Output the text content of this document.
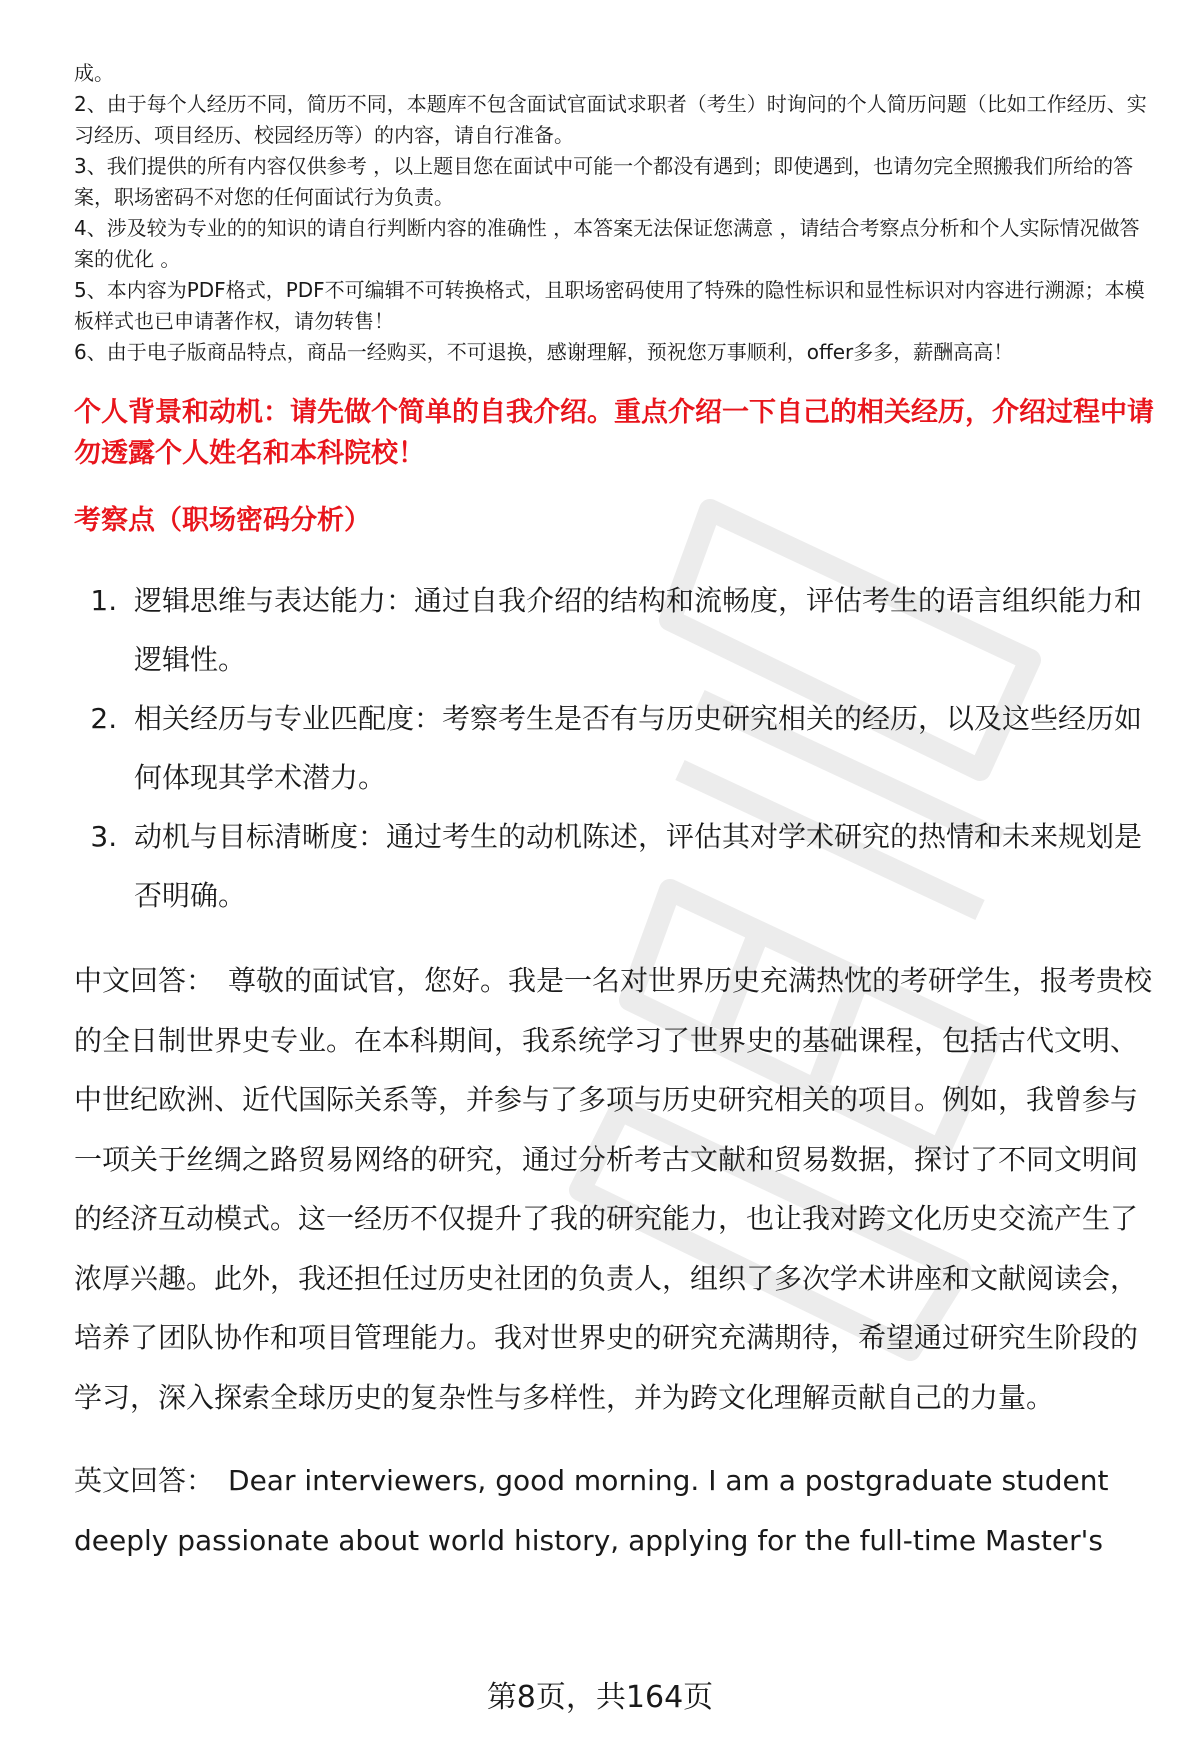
成。

2、由于每个人经历不同，简历不同，本题库不包含面试官面试求职者（考生）时询问的个人简历问题（比如工作经历、实习经历、项目经历、校园经历等）的内容，请自行准备。

3、我们提供的所有内容仅供参考 ，以上题目您在面试中可能一个都没有遇到；即使遇到，也请勿完全照搬我们所给的答案，职场密码不对您的任何面试行为负责。

4、涉及较为专业的的知识的请自行判断内容的准确性 ，本答案无法保证您满意 ，请结合考察点分析和个人实际情况做答案的优化 。

5、本内容为PDF格式，PDF不可编辑不可转换格式，且职场密码使用了特殊的隐性标识和显性标识对内容进行溯源；本模板样式也已申请著作权，请勿转售！

6、由于电子版商品特点，商品一经购买，不可退换，感谢理解，预祝您万事顺利，offer多多，薪酬高高！

个人背景和动机：请先做个简单的自我介绍。重点介绍一下自己的相关经历，介绍过程中请勿透露个人姓名和本科院校！
考察点（职场密码分析）
1. 逻辑思维与表达能力：通过自我介绍的结构和流畅度，评估考生的语言组织能力和逻辑性。
2. 相关经历与专业匹配度：考察考生是否有与历史研究相关的经历，以及这些经历如何体现其学术潜力。
3. 动机与目标清晰度：通过考生的动机陈述，评估其对学术研究的热情和未来规划是否明确。

中文回答： 尊敬的面试官，您好。我是一名对世界历史充满热忱的考研学生，报考贵校的全日制世界史专业。在本科期间，我系统学习了世界史的基础课程，包括古代文明、中世纪欧洲、近代国际关系等，并参与了多项与历史研究相关的项目。例如，我曾参与一项关于丝绸之路贸易网络的研究，通过分析考古文献和贸易数据，探讨了不同文明间的经济互动模式。这一经历不仅提升了我的研究能力，也让我对跨文化历史交流产生了浓厚兴趣。此外，我还担任过历史社团的负责人，组织了多次学术讲座和文献阅读会，培养了团队协作和项目管理能力。我对世界史的研究充满期待，希望通过研究生阶段的学习，深入探索全球历史的复杂性与多样性，并为跨文化理解贡献自己的力量。

英文回答： Dear interviewers, good morning. I am a postgraduate student deeply passionate about world history, applying for the full-time Master's

第8页，共164页
